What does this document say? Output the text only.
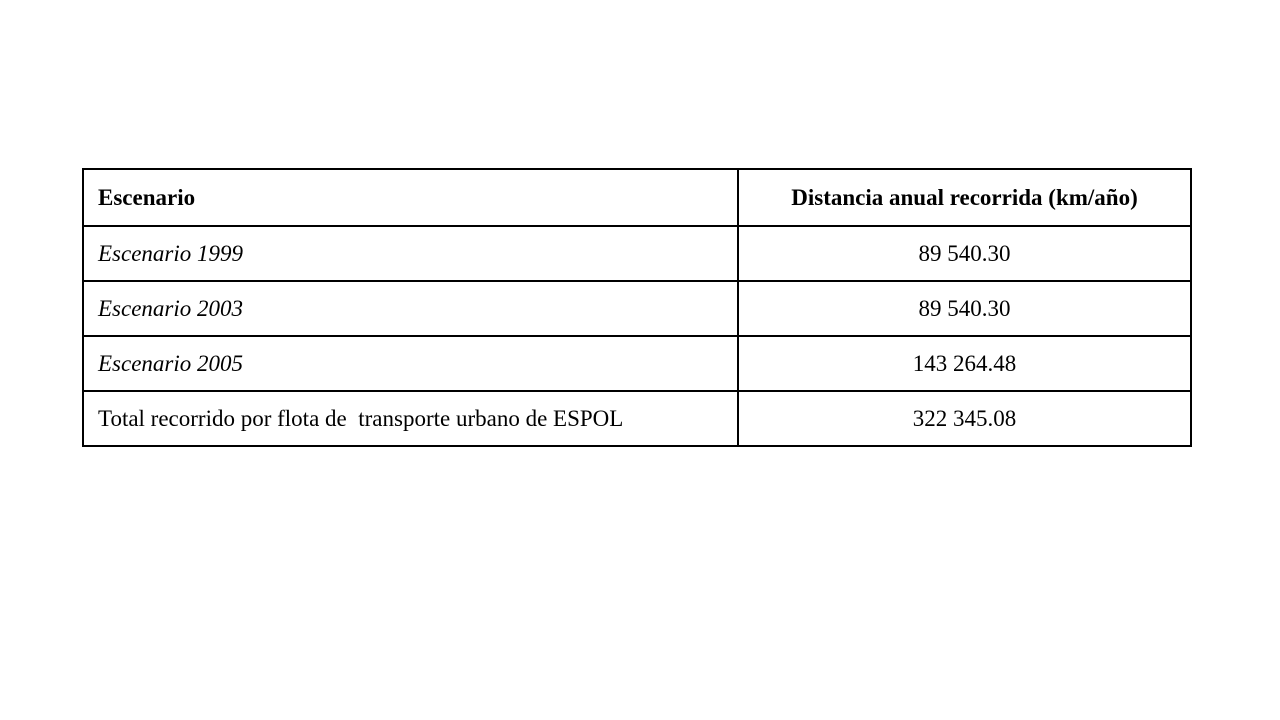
Escenario	Distancia anual recorrida (km/año)
Escenario 1999	89 540.30
Escenario 2003	89 540.30
Escenario 2005	143 264.48
Total recorrido por flota de  transporte urbano de ESPOL	322 345.08
